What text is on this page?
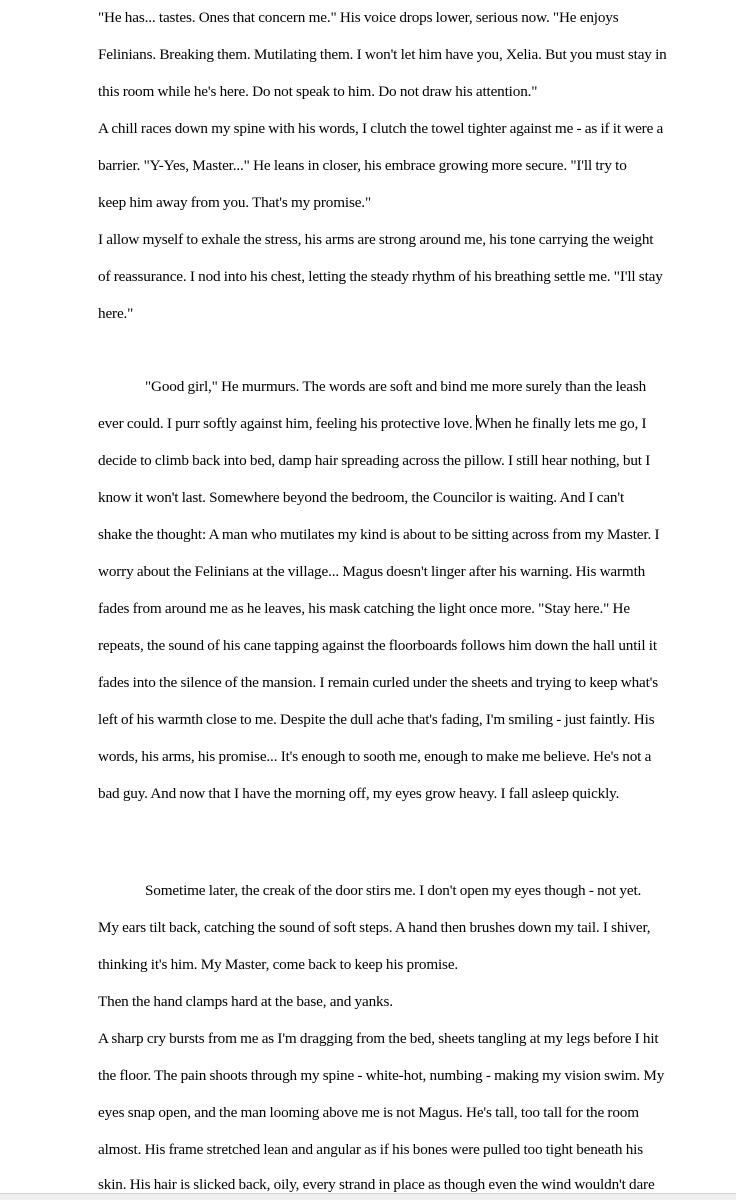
"He has... tastes. Ones that concern me." His voice drops lower, serious now. "He enjoys
Felinians. Breaking them. Mutilating them. I won't let him have you, Xelia. But you must stay in
this room while he's here. Do not speak to him. Do not draw his attention."
A chill races down my spine with his words, I clutch the towel tighter against me - as if it were a
barrier. "Y-Yes, Master..." He leans in closer, his embrace growing more secure. "I'll try to
keep him away from you. That's my promise."
I allow myself to exhale the stress, his arms are strong around me, his tone carrying the weight
of reassurance. I nod into his chest, letting the steady rhythm of his breathing settle me. "I'll stay
here."
"Good girl," He murmurs. The words are soft and bind me more surely than the leash
ever could. I purr softly against him, feeling his protective love. When he finally lets me go, I
decide to climb back into bed, damp hair spreading across the pillow. I still hear nothing, but I
know it won't last. Somewhere beyond the bedroom, the Councilor is waiting. And I can't
shake the thought: A man who mutilates my kind is about to be sitting across from my Master. I
worry about the Felinians at the village... Magus doesn't linger after his warning. His warmth
fades from around me as he leaves, his mask catching the light once more. "Stay here." He
repeats, the sound of his cane tapping against the floorboards follows him down the hall until it
fades into the silence of the mansion. I remain curled under the sheets and trying to keep what's
left of his warmth close to me. Despite the dull ache that's fading, I'm smiling - just faintly. His
words, his arms, his promise... It's enough to sooth me, enough to make me believe. He's not a
bad guy. And now that I have the morning off, my eyes grow heavy. I fall asleep quickly.
Sometime later, the creak of the door stirs me. I don't open my eyes though - not yet.
My ears tilt back, catching the sound of soft steps. A hand then brushes down my tail. I shiver,
thinking it's him. My Master, come back to keep his promise.
Then the hand clamps hard at the base, and yanks.
A sharp cry bursts from me as I'm dragging from the bed, sheets tangling at my legs before I hit
the floor. The pain shoots through my spine - white-hot, numbing - making my vision swim. My
eyes snap open, and the man looming above me is not Magus. He's tall, too tall for the room
almost. His frame stretched lean and angular as if his bones were pulled too tight beneath his
skin. His hair is slicked back, oily, every strand in place as though even the wind wouldn't dare
